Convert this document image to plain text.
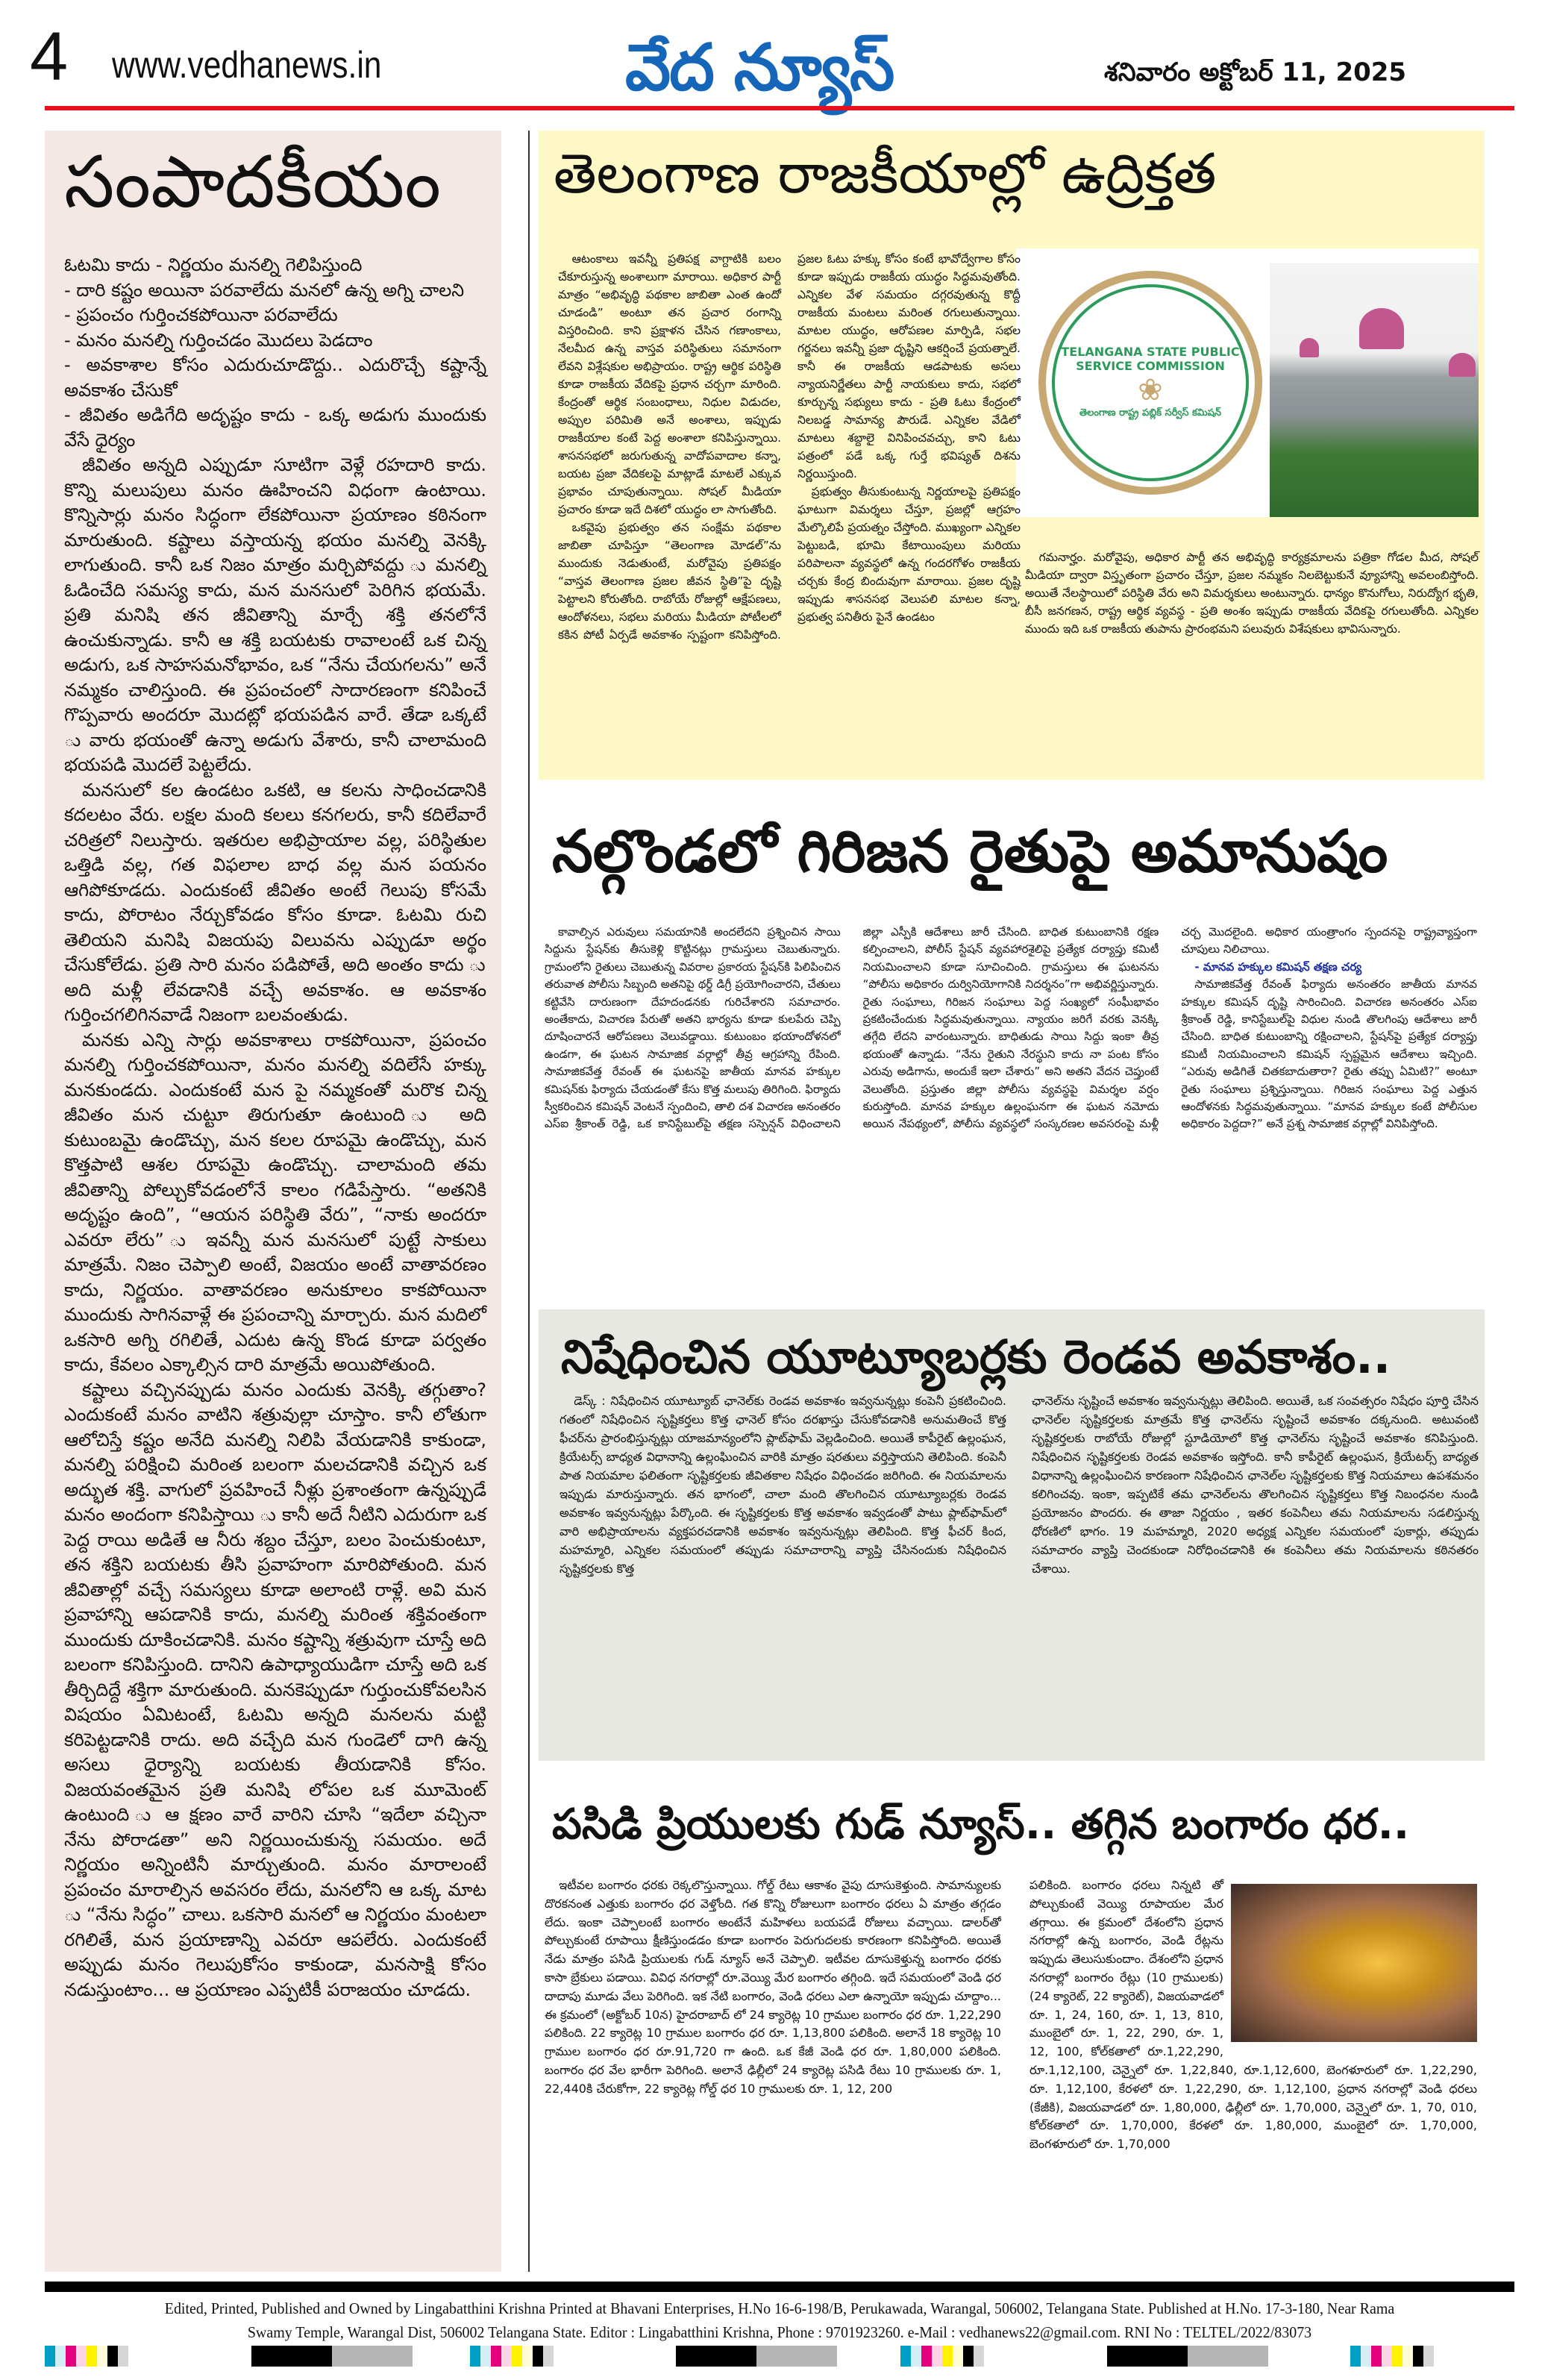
4 www.vedhanews.in	వేద న్యూస్	శనివారం అక్టోబర్ 11, 2025
సంపాదకీయం

ఓటమి కాదు - నిర్ణయం మనల్ని గెలిపిస్తుంది

- దారి కష్టం అయినా పరవాలేదు మనలో ఉన్న అగ్ని చాలని

- ప్రపంచం గుర్తించకపోయినా పరవాలేదు

- మనం మనల్ని గుర్తించడం మొదలు పెడదాం

- అవకాశాల కోసం ఎదురుచూడొద్దు.. ఎదురొచ్చే కష్టాన్నే అవకాశం చేసుకో

- జీవితం అడిగేది అదృష్టం కాదు - ఒక్క అడుగు ముందుకు వేసే ధైర్యం

జీవితం అన్నది ఎప్పుడూ సూటిగా వెళ్లే రహదారి కాదు. కొన్ని మలుపులు మనం ఊహించని విధంగా ఉంటాయి. కొన్నిసార్లు మనం సిద్ధంగా లేకపోయినా ప్రయాణం కఠినంగా మారుతుంది. కష్టాలు వస్తాయన్న భయం మనల్ని వెనక్కి లాగుతుంది. కానీ ఒక నిజం మాత్రం మర్చిపోవద్దు ు మనల్ని ఓడించేది సమస్య కాదు, మన మనసులో పెరిగిన భయమే. ప్రతి మనిషి తన జీవితాన్ని మార్చే శక్తి తనలోనే ఉంచుకున్నాడు. కానీ ఆ శక్తి బయటకు రావాలంటే ఒక చిన్న అడుగు, ఒక సాహసమనోభావం, ఒక “నేను చేయగలను” అనే నమ్మకం చాలిస్తుంది. ఈ ప్రపంచంలో సాదారణంగా కనిపించే గొప్పవారు అందరూ మొదట్లో భయపడిన వారే. తేడా ఒక్కటే ు వారు భయంతో ఉన్నా అడుగు వేశారు, కానీ చాలామంది భయపడి మొదలే పెట్టలేదు.

మనసులో కల ఉండటం ఒకటి, ఆ కలను సాధించడానికి కదలటం వేరు. లక్షల మంది కలలు కనగలరు, కానీ కదిలేవారే చరిత్రలో నిలుస్తారు. ఇతరుల అభిప్రాయాల వల్ల, పరిస్థితుల ఒత్తిడి వల్ల, గత విఫలాల బాధ వల్ల మన పయనం ఆగిపోకూడదు. ఎందుకంటే జీవితం అంటే గెలుపు కోసమే కాదు, పోరాటం నేర్చుకోవడం కోసం కూడా. ఓటమి రుచి తెలియని మనిషి విజయపు విలువను ఎప్పుడూ అర్థం చేసుకోలేడు. ప్రతి సారి మనం పడిపోతే, అది అంతం కాదు ు అది మళ్లీ లేవడానికి వచ్చే అవకాశం. ఆ అవకాశం గుర్తించగలిగినవాడే నిజంగా బలవంతుడు.

మనకు ఎన్ని సార్లు అవకాశాలు రాకపోయినా, ప్రపంచం మనల్ని గుర్తించకపోయినా, మనం మనల్ని వదిలేసే హక్కు మనకుండదు. ఎందుకంటే మన పై నమ్మకంతో మరొక చిన్న జీవితం మన చుట్టూ తిరుగుతూ ఉంటుంది ు అది కుటుంబమై ఉండొచ్చు, మన కలల రూపమై ఉండొచ్చు, మన కొత్తపాటి ఆశల రూపమై ఉండొచ్చు. చాలామంది తమ జీవితాన్ని పోల్చుకోవడంలోనే కాలం గడిపేస్తారు. “అతనికి అదృష్టం ఉంది”, “ఆయన పరిస్థితి వేరు”, “నాకు అందరూ ఎవరూ లేరు” ు ఇవన్నీ మన మనసులో పుట్టే సాకులు మాత్రమే. నిజం చెప్పాలి అంటే, విజయం అంటే వాతావరణం కాదు, నిర్ణయం. వాతావరణం అనుకూలం కాకపోయినా ముందుకు సాగినవాళ్లే ఈ ప్రపంచాన్ని మార్చారు. మన మదిలో ఒకసారి అగ్ని రగిలితే, ఎదుట ఉన్న కొండ కూడా పర్వతం కాదు, కేవలం ఎక్కాల్సిన దారి మాత్రమే అయిపోతుంది.

కష్టాలు వచ్చినప్పుడు మనం ఎందుకు వెనక్కి తగ్గుతాం? ఎందుకంటే మనం వాటిని శత్రువుల్లా చూస్తాం. కానీ లోతుగా ఆలోచిస్తే కష్టం అనేది మనల్ని నిలిపి వేయడానికి కాకుండా, మనల్ని పరిక్షించి మరింత బలంగా మలచడానికి వచ్చిన ఒక అద్భుత శక్తి. వాగులో ప్రవహించే నీళ్లు ప్రశాంతంగా ఉన్నప్పుడే మనం అందంగా కనిపిస్తాయి ు కానీ అదే నీటిని ఎదురుగా ఒక పెద్ద రాయి అడితే ఆ నీరు శబ్దం చేస్తూ, బలం పెంచుకుంటూ, తన శక్తిని బయటకు తీసి ప్రవాహంగా మారిపోతుంది. మన జీవితాల్లో వచ్చే సమస్యలు కూడా అలాంటి రాళ్లే. అవి మన ప్రవాహాన్ని ఆపడానికి కాదు, మనల్ని మరింత శక్తివంతంగా ముందుకు దూకించడానికి. మనం కష్టాన్ని శత్రువుగా చూస్తే అది బలంగా కనిపిస్తుంది. దానిని ఉపాధ్యాయుడిగా చూస్తే అది ఒక తీర్చిదిద్దే శక్తిగా మారుతుంది. మనకెప్పుడూ గుర్తుంచుకోవలసిన విషయం ఏమిటంటే, ఓటమి అన్నది మనలను మట్టి కరిపెట్టడానికి రాదు. అది వచ్చేది మన గుండెలో దాగి ఉన్న అసలు ధైర్యాన్ని బయటకు తీయడానికి కోసం. విజయవంతమైన ప్రతి మనిషి లోపల ఒక మూమెంట్ ఉంటుంది ు ఆ క్షణం వారే వారిని చూసి “ఇదేలా వచ్చినా నేను పోరాడతా” అని నిర్ణయించుకున్న సమయం. అదే నిర్ణయం అన్నింటినీ మార్చుతుంది. మనం మారాలంటే ప్రపంచం మారాల్సిన అవసరం లేదు, మనలోని ఆ ఒక్క మాట ు “నేను సిద్ధం” చాలు. ఒకసారి మనలో ఆ నిర్ణయం మంటలా రగిలితే, మన ప్రయాణాన్ని ఎవరూ ఆపలేరు. ఎందుకంటే అప్పుడు మనం గెలుపుకోసం కాకుండా, మనసాక్షి కోసం నడుస్తుంటాం... ఆ ప్రయాణం ఎప్పటికీ పరాజయం చూడదు.

తెలంగాణ రాజకీయాల్లో ఉద్రిక్తత
TELANGANA STATE PUBLIC SERVICE COMMISSION
❀
తెలంగాణ రాష్ట్ర పబ్లిక్ సర్వీస్ కమిషన్

ఆటంకాలు ఇవన్నీ ప్రతిపక్ష వాగ్దాటికి బలం చేకూరుస్తున్న అంశాలుగా మారాయి. అధికార పార్టీ మాత్రం “అభివృద్ధి పథకాల జాబితా ఎంత ఉందో చూడండి” అంటూ తన ప్రచార రంగాన్ని విస్తరించింది. కాని ప్రక్షాళన చేసిన గణాంకాలు, నేలమీద ఉన్న వాస్తవ పరిస్థితులు సమానంగా లేవని విశ్లేషకుల అభిప్రాయం. రాష్ట్ర ఆర్థిక పరిస్థితి కూడా రాజకీయ వేదికపై ప్రధాన చర్చగా మారింది. కేంద్రంతో ఆర్థిక సంబంధాలు, నిధుల విడుదల, అప్పుల పరిమితి అనే అంశాలు, ఇప్పుడు రాజకీయాల కంటే పెద్ద అంశాలా కనిపిస్తున్నాయి. శాసనసభలో జరుగుతున్న వాదోపవాదాల కన్నా, బయట ప్రజా వేదికలపై మాట్లాడే మాటలే ఎక్కువ ప్రభావం చూపుతున్నాయి. సోషల్ మీడియా ప్రచారం కూడా ఇదే దిశలో యుద్ధం లా సాగుతోంది.

ఒకవైపు ప్రభుత్వం తన సంక్షేమ పథకాల జాబితా చూపిస్తూ “తెలంగాణ మోడల్”ను ముందుకు నెడుతుంటే, మరోవైపు ప్రతిపక్షం “వాస్తవ తెలంగాణ ప్రజల జీవన స్థితి”పై దృష్టి పెట్టాలని కోరుతోంది. రాబోయే రోజుల్లో ఆక్షేపణలు, ఆందోళనలు, సభలు మరియు మీడియా పోటీలలో కకిన పోటీ ఏర్పడే అవకాశం స్పష్టంగా కనిపిస్తోంది. ప్రజల ఓటు హక్కు కోసం కంటే భావోద్వేగాల కోసం కూడా ఇప్పుడు రాజకీయ యుద్ధం సిద్ధమవుతోంది. ఎన్నికల వేళ సమయం దగ్గరవుతున్న కొద్దీ రాజకీయ మంటలు మరింత రగులుతున్నాయి. మాటల యుద్ధం, ఆరోపణల మార్పిడి, సభల గర్జనలు ఇవన్నీ ప్రజా దృష్టిని ఆకర్షించే ప్రయత్నాలే. కానీ ఈ రాజకీయ ఆడపాటకు అసలు న్యాయనిర్ణేతలు పార్టీ నాయకులు కాదు, సభలో కూర్చున్న సభ్యులు కాదు - ప్రతి ఓటు కేంద్రంలో నిలబడ్డ సామాన్య పౌరుడే. ఎన్నికల వేడిలో మాటలు శబ్దాలై వినిపించవచ్చు, కాని ఓటు పత్రంలో పడే ఒక్క గుర్తే భవిష్యత్ దిశను నిర్ణయిస్తుంది.

ప్రభుత్వం తీసుకుంటున్న నిర్ణయాలపై ప్రతిపక్షం ఘాటుగా విమర్శలు చేస్తూ, ప్రజల్లో ఆగ్రహం మేల్కొలిపే ప్రయత్నం చేస్తోంది. ముఖ్యంగా ఎన్నికల పెట్టుబడి, భూమి కేటాయింపులు మరియు పరిపాలనా వ్యవస్థలో ఉన్న గందరగోళం రాజకీయ చర్చకు కేంద్ర బిందువుగా మారాయి. ప్రజల దృష్టి ఇప్పుడు శాసనసభ వెలుపలి మాటల కన్నా, ప్రభుత్వ పనితీరు పైనే ఉండటం

గమనార్హం. మరోవైపు, అధికార పార్టీ తన అభివృద్ధి కార్యక్రమాలను పత్రికా గోడల మీద, సోషల్ మీడియా ద్వారా విస్తృతంగా ప్రచారం చేస్తూ, ప్రజల నమ్మకం నిలబెట్టుకునే వ్యూహాన్ని అవలంబిస్తోంది. అయితే నేలస్థాయిలో పరిస్థితి వేరు అని విమర్శకులు అంటున్నారు. ధాన్యం కొనుగోలు, నిరుద్యోగ భృతి, బీసీ జనగణన, రాష్ట్ర ఆర్థిక వ్యవస్థ - ప్రతి అంశం ఇప్పుడు రాజకీయ వేదికపై రగులుతోంది. ఎన్నికల ముందు ఇది ఒక రాజకీయ తుపాను ప్రారంభమని పలువురు విశేషకులు భావిసున్నారు.

నల్గొండలో గిరిజన రైతుపై అమానుషం

కావాల్సిన ఎరువులు సమయానికి అందలేదని ప్రశ్నించిన సాయి సిద్దును స్టేషన్‌కు తీసుకెళ్లి కొట్టినట్లు గ్రామస్తులు చెబుతున్నారు. గ్రామంలోని రైతులు చెబుతున్న వివరాల ప్రకారయ స్టేషన్‌కి పిలిపించిన తరువాత పోలీసు సిబ్బంది అతనిపై థర్డ్ డిగ్రీ ప్రయోగించారని, చేతులు కట్టివేసి దారుణంగా దేహదండనకు గురిచేశారని సమాచారం. అంతేకాదు, విచారణ పేరుతో అతని భార్యను కూడా కులపేరు చెప్పి దూషించారనే ఆరోపణలు వెలువడ్డాయి. కుటుంబం భయాందోళనలో ఉండగా, ఈ ఘటన సామాజిక వర్గాల్లో తీవ్ర ఆగ్రహాన్ని రేపింది. సామాజికవేత్త రేవంత్ ఈ ఘటనపై జాతీయ మానవ హక్కుల కమిషన్‌కు ఫిర్యాదు చేయడంతో కేసు కొత్త మలుపు తిరిగింది. ఫిర్యాదు స్వీకరించిన కమిషన్ వెంటనే స్పందించి, తాలి దశ విచారణ అనంతరం ఎస్ఐ శ్రీకాంత్ రెడ్డి, ఒక కానిస్టేబుల్‌పై తక్షణ సస్పెన్షన్ విధించాలని జిల్లా ఎస్పీకి ఆదేశాలు జారీ చేసింది. బాధిత కుటుంబానికి రక్షణ కల్పించాలని, పోలీస్ స్టేషన్ వ్యవహారశైలిపై ప్రత్యేక దర్యాప్తు కమిటీ నియమించాలని కూడా సూచించింది. గ్రామస్తులు ఈ ఘటనను “పోలీసు అధికారం దుర్వినియోగానికి నిదర్శనం”గా అభివర్ణిస్తున్నారు. రైతు సంఘాలు, గిరిజన సంఘాలు పెద్ద సంఖ్యలో సంఘీభావం ప్రకటించేందుకు సిద్ధమవుతున్నాయి. న్యాయం జరిగే వరకు వెనక్కి తగ్గేది లేదని వారంటున్నారు. బాధితుడు సాయి సిద్దు ఇంకా తీవ్ర భయంతో ఉన్నాడు. “నేను రైతుని నేరస్థుని కాదు నా పంట కోసం ఎరువు అడిగాను, అందుకే ఇలా చేశారు” అని అతని వేదన చెప్తుంటే వెలుతోంది. ప్రస్తుతం జిల్లా పోలీసు వ్యవస్థపై విమర్శల వర్షం కురుస్తోంది. మానవ హక్కుల ఉల్లంఘనగా ఈ ఘటన నమోదు అయిన నేపథ్యంలో, పోలీసు వ్యవస్థలో సంస్కరణల అవసరంపై మళ్లీ చర్చ మొదలైంది. అధికార యంత్రాంగం స్పందనపై రాష్ట్రవ్యాప్తంగా చూపులు నిలిచాయి.

- మానవ హక్కుల కమిషన్ తక్షణ చర్య

సామాజికవేత్త రేవంత్ ఫిర్యాదు అనంతరం జాతీయ మానవ హక్కుల కమిషన్ దృష్టి సారించింది. విచారణ అనంతరం ఎస్ఐ శ్రీకాంత్ రెడ్డి, కానిస్టేబుల్‌పై విధుల నుండి తొలగింపు ఆదేశాలు జారీ చేసింది. బాధిత కుటుంబాన్ని రక్షించాలని, స్టేషన్‌పై ప్రత్యేక దర్యాప్తు కమిటీ నియమించాలని కమిషన్ స్పష్టమైన ఆదేశాలు ఇచ్చింది. “ఎరువు అడిగితే చితకబాదుతారా? రైతు తప్పు ఏమిటి?” అంటూ రైతు సంఘాలు ప్రశ్నిస్తున్నాయి. గిరిజన సంఘాలు పెద్ద ఎత్తున ఆందోళనకు సిద్ధమవుతున్నాయి. “మానవ హక్కుల కంటే పోలీసుల అధికారం పెద్దదా?” అనే ప్రశ్న సామాజిక వర్గాల్లో వినిపిస్తోంది.

నిషేధించిన యూట్యూబర్లకు రెండవ అవకాశం..

డెస్క్ : నిషేధించిన యూట్యూబ్ ఛానెల్‌కు రెండవ అవకాశం ఇవ్వనున్నట్లు కంపెనీ ప్రకటించింది. గతంలో నిషేధించిన సృష్టికర్తలు కొత్త ఛానెల్ కోసం దరఖాస్తు చేసుకోవడానికి అనుమతించే కొత్త ఫీచర్‌ను ప్రారంభిస్తున్నట్లు యాజమాన్యంలోని ప్లాట్‌ఫామ్ వెల్లడించింది. అయితే కాపీరైట్ ఉల్లంఘన, క్రియేటర్స్ బాధ్యత విధానాన్ని ఉల్లంఘించిన వారికి మాత్రం షరతులు వర్తిస్తాయని తెలిపింది. కంపెనీ పాత నియమాల ఫలితంగా సృష్టికర్తలకు జీవితకాల నిషేధం విధించడం జరిగింది. ఈ నియమాలను ఇప్పుడు మారుస్తున్నారు. తన భాగంలో, చాలా మంది తొలగించిన యూట్యూబర్లకు రెండవ అవకాశం ఇవ్వనున్నట్లు పేర్కొంది. ఈ సృష్టికర్తలకు కొత్త అవకాశం ఇవ్వడంతో పాటు ప్లాట్‌ఫామ్‌లో వారి అభిప్రాయాలను వ్యక్తపరచడానికి అవకాశం ఇవ్వనున్నట్లు తెలిపింది. కొత్త ఫీచర్ కింద, మహమ్మారి, ఎన్నికల సమయంలో తప్పుడు సమాచారాన్ని వ్యాప్తి చేసినందుకు నిషేధించిన సృష్టికర్తలకు కొత్త

ఛానెల్‌ను సృష్టించే అవకాశం ఇవ్వనున్నట్లు తెలిపింది. అయితే, ఒక సంవత్సరం నిషేధం పూర్తి చేసిన ఛానెల్‌ల సృష్టికర్తలకు మాత్రమే కొత్త ఛానెల్‌ను సృష్టించే అవకాశం దక్కనుంది. అటువంటి సృష్టికర్తలకు రాబోయే రోజుల్లో స్టూడియోలో కొత్త ఛానెల్‌ను సృష్టించే అవకాశం కనిపిస్తుంది. నిషేధించిన సృష్టికర్తలకు రెండవ అవకాశం ఇస్తోంది. కానీ కాపీరైట్ ఉల్లంఘన, క్రియేటర్స్ బాధ్యత విధానాన్ని ఉల్లంఘించిన కారణంగా నిషేధించిన ఛానెల్‌ల సృష్టికర్తలకు కొత్త నియమాలు ఉపశమనం కలిగించవు. ఇంకా, ఇప్పటికే తమ ఛానెల్‌లను తొలగించిన సృష్టికర్తలు కొత్త నిబంధనల నుండి ప్రయోజనం పొందరు. ఈ తాజా నిర్ణయం , ఇతర కంపెనీలు తమ నియమాలను సడలిస్తున్న ధోరణిలో భాగం. 19 మహమ్మారి, 2020 అధ్యక్ష ఎన్నికల సమయంలో పుకార్లు, తప్పుడు సమాచారం వ్యాప్తి చెందకుండా నిరోధించడానికి ఈ కంపెనీలు తమ నియమాలను కఠినతరం చేశాయి.

పసిడి ప్రియులకు గుడ్ న్యూస్.. తగ్గిన బంగారం ధర..

ఇటీవల బంగారం ధరకు రెక్కలొస్తున్నాయి. గోల్డ్ రేటు ఆకాశం వైపు దూసుకెళ్తుంది. సామాన్యులకు దొరకనంత ఎత్తుకు బంగారం ధర వెళ్తోంది. గత కొన్ని రోజులుగా బంగారం ధరలు ఏ మాత్రం తగ్గడం లేదు. ఇంకా చెప్పాలంటే బంగారం అంటేనే మహిళలు బయపడే రోజులు వచ్చాయి. డాలర్‌తో పోల్చుకుంటే రూపాయి క్షీణిస్తుండడం కూడా బంగారం పెరుగుదలకు కారణంగా కనిపిస్తోంది. అయితే నేడు మాత్రం పసిడి ప్రియులకు గుడ్ న్యూస్ అనే చెప్పాలి. ఇటీవల దూసుకెళ్తున్న బంగారం ధరకు కాసా బ్రేకులు పడాయి. వివిధ నగరాల్లో రూ.వెయ్యి మేర బంగారం తగ్గింది. ఇదే సమయంలో వెండి ధర దాదాపు మూడు వేలు పెరిగింది. ఇక నేటి బంగారం, వెండి ధరలు ఎలా ఉన్నాయో ఇప్పుడు చూద్దాం... ఈ క్రమంలో (అక్టోబర్ 10న) హైదరాబాద్ లో 24 క్యారెట్ల 10 గ్రాముల బంగారం ధర రూ. 1,22,290 పలికింది. 22 క్యారెట్ల 10 గ్రాముల బంగారం ధర రూ. 1,13,800 పలికింది. అలానే 18 క్యారెట్ల 10 గ్రాముల బంగారం ధర రూ.91,720 గా ఉంది. ఒక కేజీ వెండి ధర రూ. 1,80,000 పలికింది. బంగారం ధర వేల భారీగా పెరిగింది. అలానే ఢిల్లీలో 24 క్యారెట్ల పసిడి రేటు 10 గ్రాములకు రూ. 1, 22,440కి చేరుకోగా, 22 క్యారెట్ల గోల్డ్ ధర 10 గ్రాములకు రూ. 1, 12, 200

పలికింది. బంగారం ధరలు నిన్నటి తో పోల్చుకుంటే వెయ్యి రూపాయల మేర తగ్గాయి. ఈ క్రమంలో దేశంలోని ప్రధాన నగరాల్లో ఉన్న బంగారం, వెండి రేట్లను ఇప్పుడు తెలుసుకుందాం. దేశంలోని ప్రధాన నగరాల్లో బంగారం రేట్లు (10 గ్రాములకు) (24 క్యారెట్, 22 క్యారెట్), విజయవాడలో రూ. 1, 24, 160, రూ. 1, 13, 810, ముంబైలో రూ. 1, 22, 290, రూ. 1, 12, 100, కోల్‌కతాలో రూ.1,22,290, రూ.1,12,100, చెన్నైలో రూ. 1,22,840, రూ.1,12,600, బెంగళూరులో రూ. 1,22,290, రూ. 1,12,100, కేరళలో రూ. 1,22,290, రూ. 1,12,100, ప్రధాన నగరాల్లో వెండి ధరలు (కేజీకి), విజయవాడలో రూ. 1,80,000, ఢిల్లీలో రూ. 1,70,000, చెన్నైలో రూ. 1, 70, 010, కోల్‌కతాలో రూ. 1,70,000, కేరళలో రూ. 1,80,000, ముంబైలో రూ. 1,70,000, బెంగళూరులో రూ. 1,70,000

Edited, Printed, Published and Owned by Lingabatthini Krishna Printed at Bhavani Enterprises, H.No 16-6-198/B, Perukawada, Warangal, 506002, Telangana State. Published at H.No. 17-3-180, Near Rama
Swamy Temple, Warangal Dist, 506002 Telangana State. Editor : Lingabatthini Krishna, Phone : 9701923260. e-Mail : vedhanews22@gmail.com. RNI No : TELTEL/2022/83073
